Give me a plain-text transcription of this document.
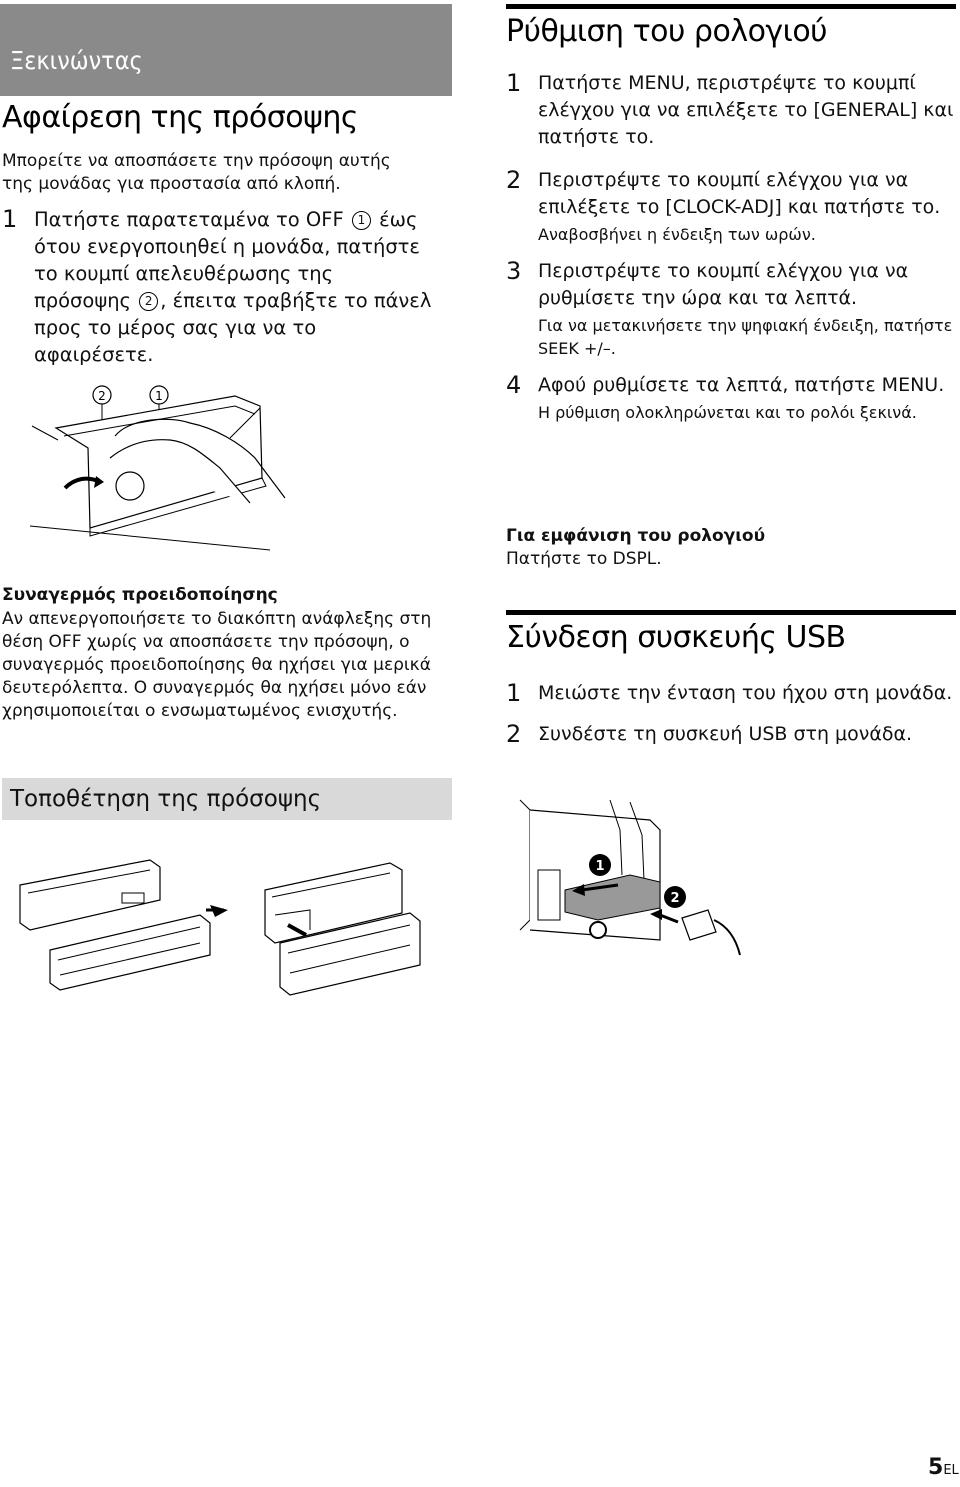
Ξεκινώντας
Αφαίρεση της πρόσοψης
Μπορείτε να αποσπάσετε την πρόσοψη αυτής της μονάδας για προστασία από κλοπή.
1 Πατήστε παρατεταμένα το OFF 1 έως ότου ενεργοποιηθεί η μονάδα, πατήστε το κουμπί απελευθέρωσης της πρόσοψης 2 , έπειτα τραβήξτε το πάνελ προς το μέρος σας για να το αφαιρέσετε.
2	1
Συναγερμός προειδοποίησης
Αν απενεργοποιήσετε το διακόπτη ανάφλεξης στη θέση OFF χωρίς να αποσπάσετε την πρόσοψη, ο συναγερμός προειδοποίησης θα ηχήσει για μερικά δευτερόλεπτα. Ο συναγερμός θα ηχήσει μόνο εάν χρησιμοποιείται ο ενσωματωμένος ενισχυτής.
Τοποθέτηση της πρόσοψης
Ρύθμιση του ρολογιού
1 Πατήστε MENU, περιστρέψτε το κουμπί ελέγχου για να επιλέξετε το [GENERAL] και πατήστε το.
2 Περιστρέψτε το κουμπί ελέγχου για να επιλέξετε το [CLOCK-ADJ] και πατήστε το.
Αναβοσβήνει η ένδειξη των ωρών.
3 Περιστρέψτε το κουμπί ελέγχου για να ρυθμίσετε την ώρα και τα λεπτά.
Για να μετακινήσετε την ψηφιακή ένδειξη, πατήστε SEEK +/–.
4 Αφού ρυθμίσετε τα λεπτά, πατήστε MENU.
Η ρύθμιση ολοκληρώνεται και το ρολόι ξεκινά.
Για εμφάνιση του ρολογιού
Πατήστε το DSPL.
Σύνδεση συσκευής USB
1 Μειώστε την ένταση του ήχου στη μονάδα.
2 Συνδέστε τη συσκευή USB στη μονάδα.
1
2
5EL
